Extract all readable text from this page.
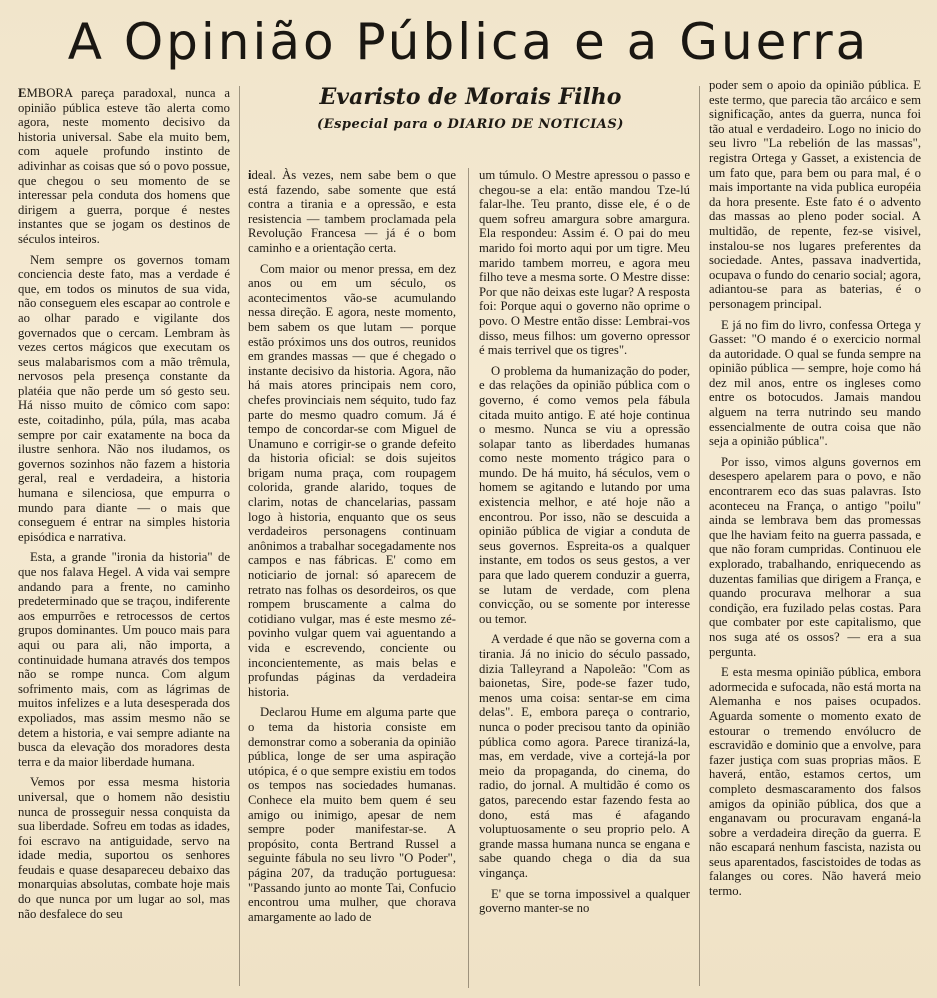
A Opinião Pública e a Guerra

Evaristo de Morais Filho

(Especial para o DIARIO DE NOTICIAS)

EMBORA pareça paradoxal, nunca a opinião pública esteve tão alerta como agora, neste momento decisivo da historia universal. Sabe ela muito bem, com aquele profundo instinto de adivinhar as coisas que só o povo possue, que chegou o seu momento de se interessar pela conduta dos homens que dirigem a guerra, porque é nestes instantes que se jogam os destinos de séculos inteiros.

Nem sempre os governos tomam conciencia deste fato, mas a verdade é que, em todos os minutos de sua vida, não conseguem eles escapar ao controle e ao olhar parado e vigilante dos governados que o cercam. Lembram às vezes certos mágicos que executam os seus malabarismos com a mão trêmula, nervosos pela presença constante da platéia que não perde um só gesto seu. Há nisso muito de cômico com sapo: este, coitadinho, púla, púla, mas acaba sempre por cair exatamente na boca da ilustre senhora. Não nos iludamos, os governos sozinhos não fazem a historia geral, real e verdadeira, a historia humana e silenciosa, que empurra o mundo para diante — o mais que conseguem é entrar na simples historia episódica e narrativa.

Esta, a grande "ironia da historia" de que nos falava Hegel. A vida vai sempre andando para a frente, no caminho predeterminado que se traçou, indiferente aos empurrões e retrocessos de certos grupos dominantes. Um pouco mais para aqui ou para ali, não importa, a continuidade humana através dos tempos não se rompe nunca. Com algum sofrimento mais, com as lágrimas de muitos infelizes e a luta desesperada dos expoliados, mas assim mesmo não se detem a historia, e vai sempre adiante na busca da elevação dos moradores desta terra e da maior liberdade humana.

Vemos por essa mesma historia universal, que o homem não desistiu nunca de prosseguir nessa conquista da sua liberdade. Sofreu em todas as idades, foi escravo na antiguidade, servo na idade media, suportou os senhores feudais e quase desapareceu debaixo das monarquias absolutas, combate hoje mais do que nunca por um lugar ao sol, mas não desfalece do seu

ideal. Às vezes, nem sabe bem o que está fazendo, sabe somente que está contra a tirania e a opressão, e esta resistencia — tambem proclamada pela Revolução Francesa — já é o bom caminho e a orientação certa.

Com maior ou menor pressa, em dez anos ou em um século, os acontecimentos vão-se acumulando nessa direção. E agora, neste momento, bem sabem os que lutam — porque estão próximos uns dos outros, reunidos em grandes massas — que é chegado o instante decisivo da historia. Agora, não há mais atores principais nem coro, chefes provinciais nem séquito, tudo faz parte do mesmo quadro comum. Já é tempo de concordar-se com Miguel de Unamuno e corrigir-se o grande defeito da historia oficial: se dois sujeitos brigam numa praça, com roupagem colorida, grande alarido, toques de clarim, notas de chancelarias, passam logo à historia, enquanto que os seus verdadeiros personagens continuam anônimos a trabalhar socegadamente nos campos e nas fábricas. E' como em noticiario de jornal: só aparecem de retrato nas folhas os desordeiros, os que rompem bruscamente a calma do cotidiano vulgar, mas é este mesmo zé-povinho vulgar quem vai aguentando a vida e escrevendo, conciente ou inconcientemente, as mais belas e profundas páginas da verdadeira historia.

Declarou Hume em alguma parte que o tema da historia consiste em demonstrar como a soberania da opinião pública, longe de ser uma aspiração utópica, é o que sempre existiu em todos os tempos nas sociedades humanas. Conhece ela muito bem quem é seu amigo ou inimigo, apesar de nem sempre poder manifestar-se. A propósito, conta Bertrand Russel a seguinte fábula no seu livro "O Poder", página 207, da tradução portuguesa: "Passando junto ao monte Tai, Confucio encontrou uma mulher, que chorava amargamente ao lado de

um túmulo. O Mestre apressou o passo e chegou-se a ela: então mandou Tze-lú falar-lhe. Teu pranto, disse ele, é o de quem sofreu amargura sobre amargura. Ela respondeu: Assim é. O pai do meu marido foi morto aqui por um tigre. Meu marido tambem morreu, e agora meu filho teve a mesma sorte. O Mestre disse: Por que não deixas este lugar? A resposta foi: Porque aqui o governo não oprime o povo. O Mestre então disse: Lembrai-vos disso, meus filhos: um governo opressor é mais terrivel que os tigres".

O problema da humanização do poder, e das relações da opinião pública com o governo, é como vemos pela fábula citada muito antigo. E até hoje continua o mesmo. Nunca se viu a opressão solapar tanto as liberdades humanas como neste momento trágico para o mundo. De há muito, há séculos, vem o homem se agitando e lutando por uma existencia melhor, e até hoje não a encontrou. Por isso, não se descuida a opinião pública de vigiar a conduta de seus governos. Espreita-os a qualquer instante, em todos os seus gestos, a ver para que lado querem conduzir a guerra, se lutam de verdade, com plena convicção, ou se somente por interesse ou temor.

A verdade é que não se governa com a tirania. Já no inicio do século passado, dizia Talleyrand a Napoleão: "Com as baionetas, Sire, pode-se fazer tudo, menos uma coisa: sentar-se em cima delas". E, embora pareça o contrario, nunca o poder precisou tanto da opinião pública como agora. Parece tiranizá-la, mas, em verdade, vive a cortejá-la por meio da propaganda, do cinema, do radio, do jornal. A multidão é como os gatos, parecendo estar fazendo festa ao dono, está mas é afagando voluptuosamente o seu proprio pelo. A grande massa humana nunca se engana e sabe quando chega o dia da sua vingança.

E' que se torna impossivel a qualquer governo manter-se no

poder sem o apoio da opinião pública. E este termo, que parecia tão arcáico e sem significação, antes da guerra, nunca foi tão atual e verdadeiro. Logo no inicio do seu livro "La rebelión de las massas", registra Ortega y Gasset, a existencia de um fato que, para bem ou para mal, é o mais importante na vida publica européia da hora presente. Este fato é o advento das massas ao pleno poder social. A multidão, de repente, fez-se visivel, instalou-se nos lugares preferentes da sociedade. Antes, passava inadvertida, ocupava o fundo do cenario social; agora, adiantou-se para as baterias, é o personagem principal.

E já no fim do livro, confessa Ortega y Gasset: "O mando é o exercicio normal da autoridade. O qual se funda sempre na opinião pública — sempre, hoje como há dez mil anos, entre os ingleses como entre os botocudos. Jamais mandou alguem na terra nutrindo seu mando essencialmente de outra coisa que não seja a opinião pública".

Por isso, vimos alguns governos em desespero apelarem para o povo, e não encontrarem eco das suas palavras. Isto aconteceu na França, o antigo "poilu" ainda se lembrava bem das promessas que lhe haviam feito na guerra passada, e que não foram cumpridas. Continuou ele explorado, trabalhando, enriquecendo as duzentas familias que dirigem a França, e quando procurava melhorar a sua condição, era fuzilado pelas costas. Para que combater por este capitalismo, que nos suga até os ossos? — era a sua pergunta.

E esta mesma opinião pública, embora adormecida e sufocada, não está morta na Alemanha e nos paises ocupados. Aguarda somente o momento exato de estourar o tremendo envólucro de escravidão e dominio que a envolve, para fazer justiça com suas proprias mãos. E haverá, então, estamos certos, um completo desmascaramento dos falsos amigos da opinião pública, dos que a enganavam ou procuravam enganá-la sobre a verdadeira direção da guerra. E não escapará nenhum fascista, nazista ou seus aparentados, fascistoides de todas as falanges ou cores. Não haverá meio termo.
